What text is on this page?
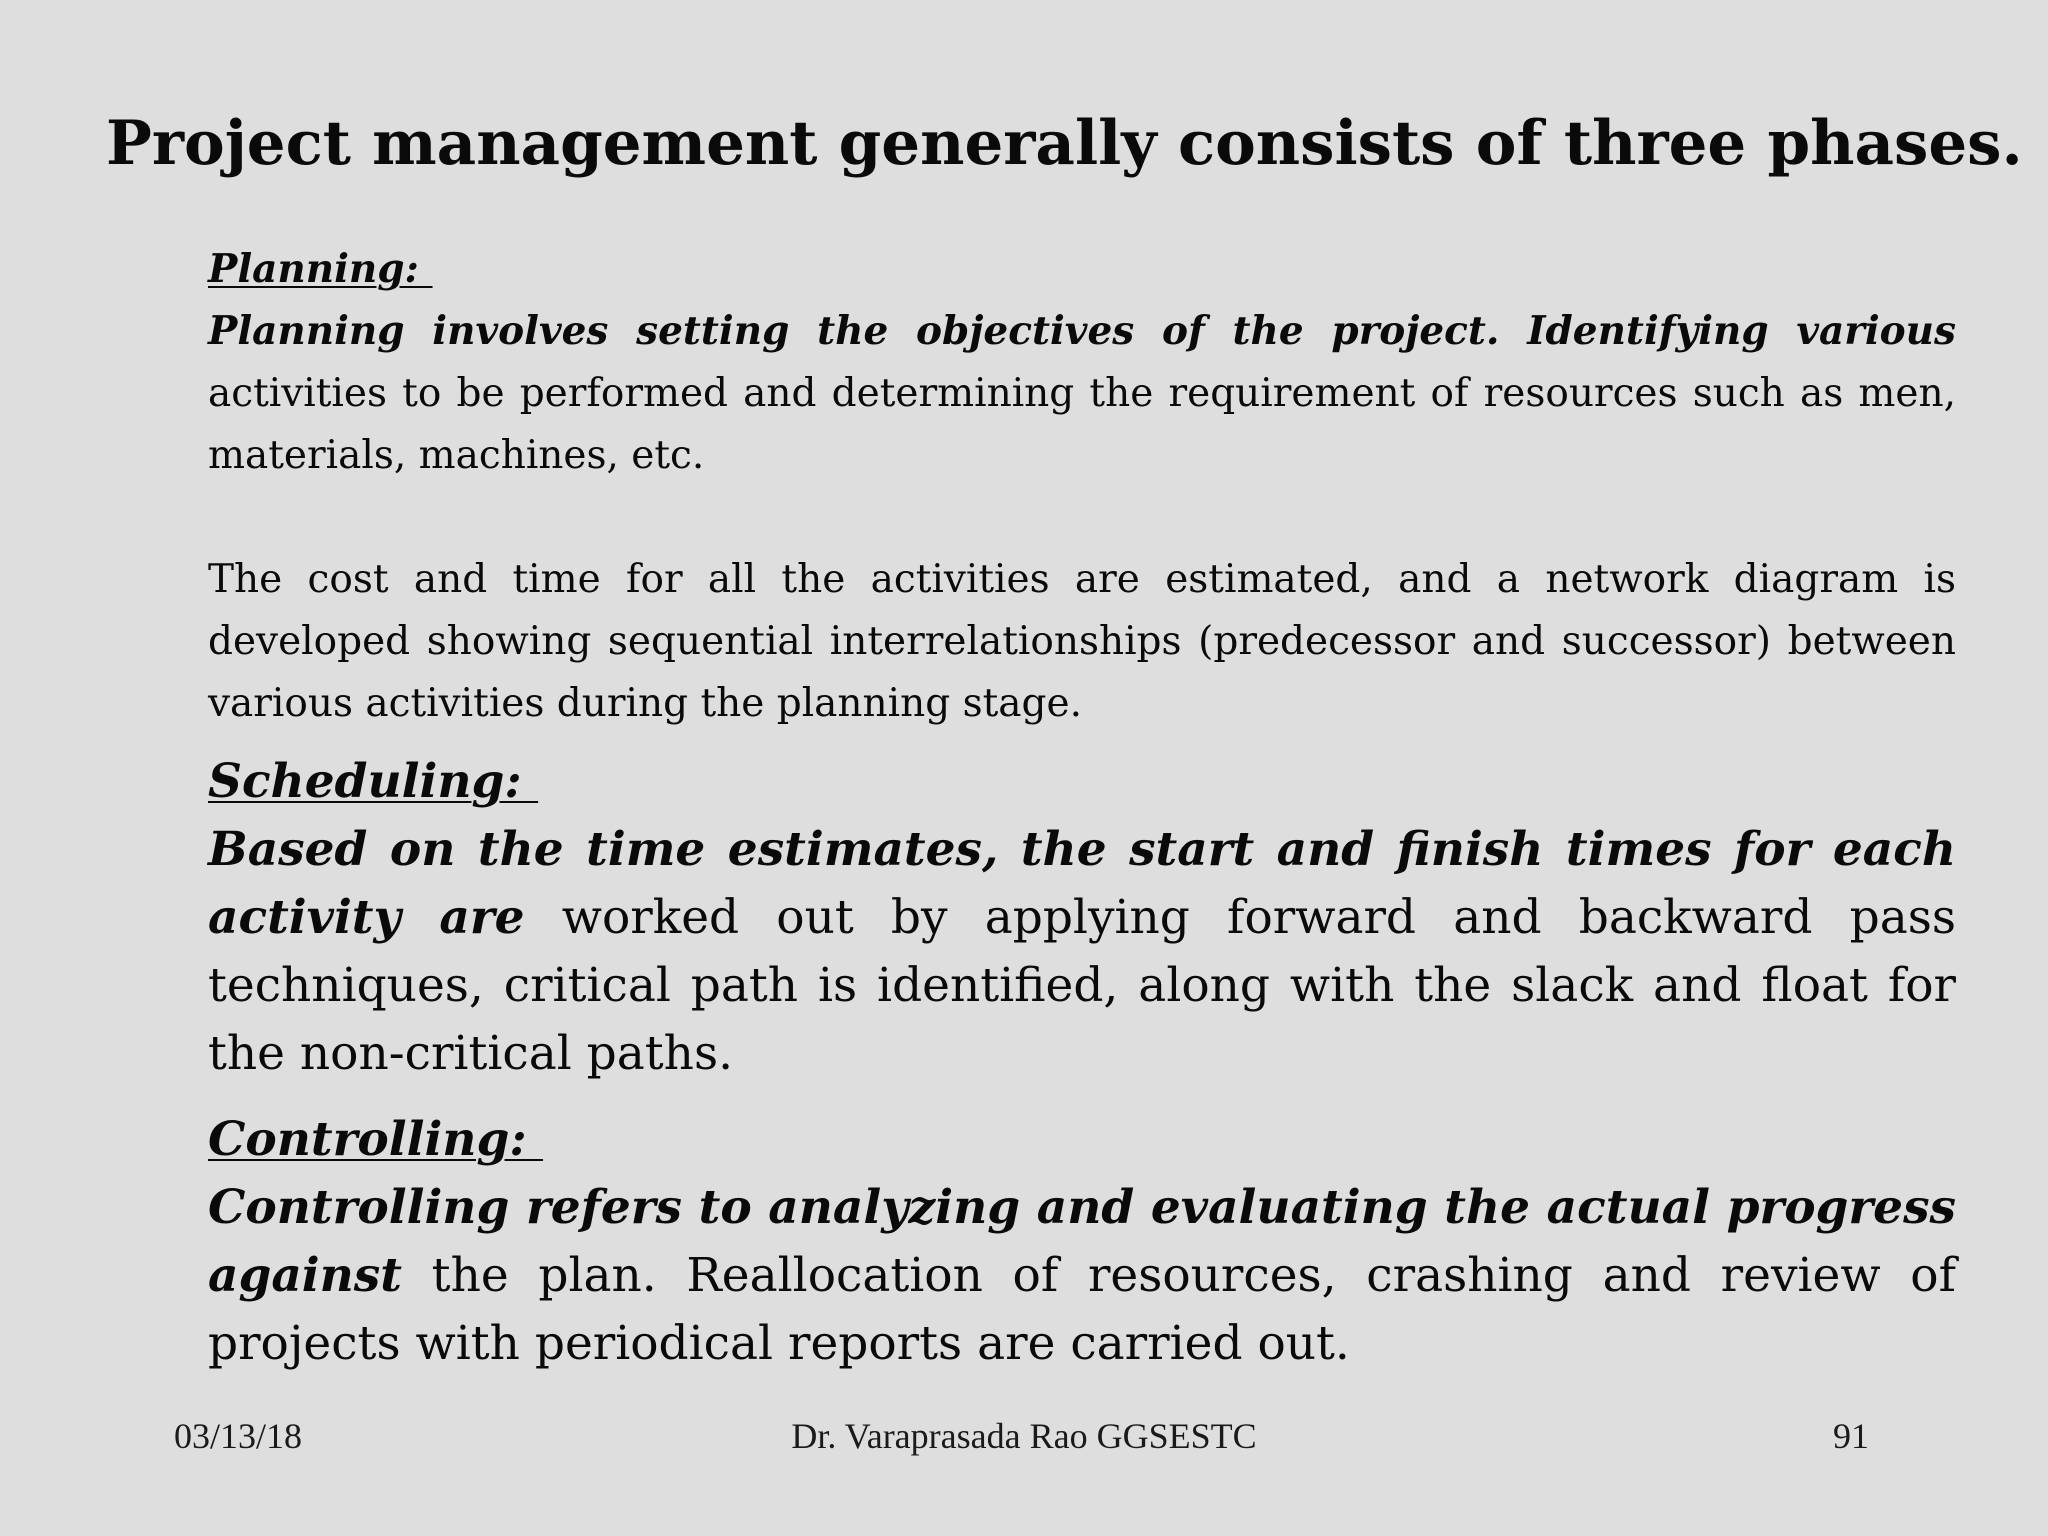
Project management generally consists of three phases.
Planning:

Planning involves setting the objectives of the project. Identifying various activities to be performed and determining the requirement of resources such as men, materials, machines, etc.

The cost and time for all the activities are estimated, and a network diagram is developed showing sequential interrelationships (predecessor and successor) between various activities during the planning stage.

Scheduling:

Based on the time estimates, the start and finish times for each activity are worked out by applying forward and backward pass techniques, critical path is identified, along with the slack and float for the non-critical paths.

Controlling:

Controlling refers to analyzing and evaluating the actual progress against the plan. Reallocation of resources, crashing and review of projects with periodical reports are carried out.

03/13/18	Dr. Varaprasada Rao GGSESTC	91
